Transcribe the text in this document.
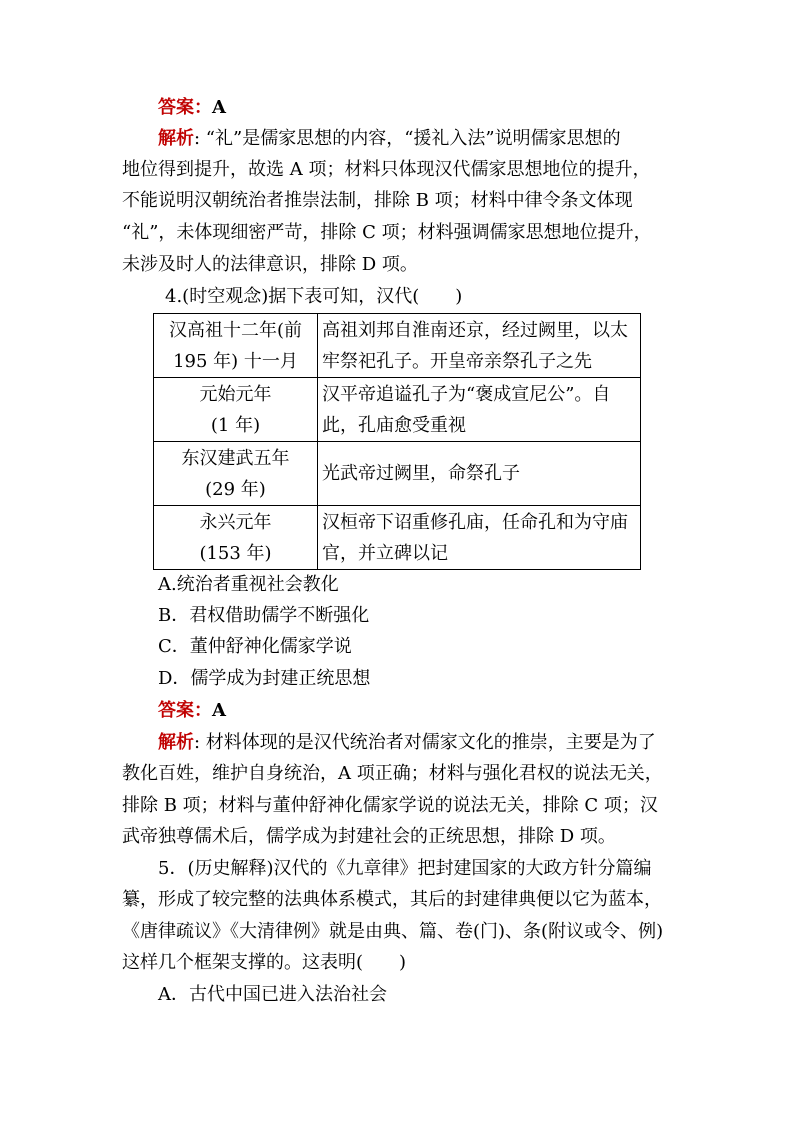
答案：A
解析: “礼”是儒家思想的内容，“援礼入法”说明儒家思想的
地位得到提升，故选 A 项；材料只体现汉代儒家思想地位的提升，
不能说明汉朝统治者推崇法制，排除 B 项；材料中律令条文体现
“礼”，未体现细密严苛，排除 C 项；材料强调儒家思想地位提升，
未涉及时人的法律意识，排除 D 项。
4.(时空观念)据下表可知，汉代(　　)
汉高祖十二年(前
195 年) 十一月	高祖刘邦自淮南还京，经过阙里，以太
牢祭祀孔子。开皇帝亲祭孔子之先
元始元年
(1 年)	汉平帝追谥孔子为“褒成宣尼公”。自
此，孔庙愈受重视
东汉建武五年
(29 年)	光武帝过阙里，命祭孔子
永兴元年
(153 年)	汉桓帝下诏重修孔庙，任命孔和为守庙
官，并立碑以记
A.统治者重视社会教化
B．君权借助儒学不断强化
C．董仲舒神化儒家学说
D．儒学成为封建正统思想
答案：A
解析: 材料体现的是汉代统治者对儒家文化的推崇，主要是为了
教化百姓，维护自身统治，A 项正确；材料与强化君权的说法无关，
排除 B 项；材料与董仲舒神化儒家学说的说法无关，排除 C 项；汉
武帝独尊儒术后，儒学成为封建社会的正统思想，排除 D 项。
5．(历史解释)汉代的《九章律》把封建国家的大政方针分篇编
纂，形成了较完整的法典体系模式，其后的封建律典便以它为蓝本，
《唐律疏议》《大清律例》就是由典、篇、卷(门)、条(附议或令、例)
这样几个框架支撑的。这表明(　　)
A．古代中国已进入法治社会
